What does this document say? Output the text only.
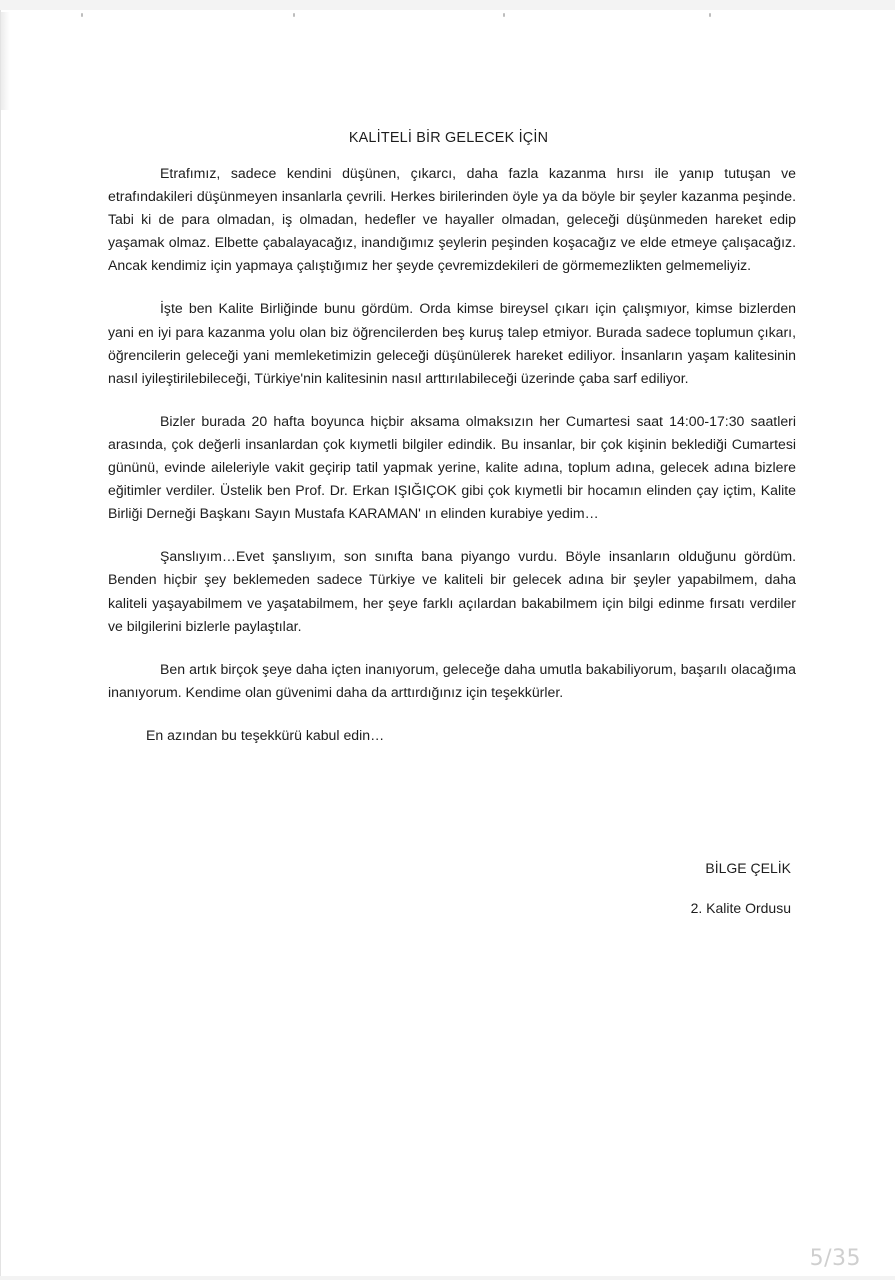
KALİTELİ BİR GELECEK İÇİN

Etrafımız, sadece kendini düşünen, çıkarcı, daha fazla kazanma hırsı ile yanıp tutuşan ve etrafındakileri düşünmeyen insanlarla çevrili. Herkes birilerinden öyle ya da böyle bir şeyler kazanma peşinde. Tabi ki de para olmadan, iş olmadan, hedefler ve hayaller olmadan, geleceği düşünmeden hareket edip yaşamak olmaz. Elbette çabalayacağız, inandığımız şeylerin peşinden koşacağız ve elde etmeye çalışacağız. Ancak kendimiz için yapmaya çalıştığımız her şeyde çevremizdekileri de görmemezlikten gelmemeliyiz.

İşte ben Kalite Birliğinde bunu gördüm. Orda kimse bireysel çıkarı için çalışmıyor, kimse bizlerden yani en iyi para kazanma yolu olan biz öğrencilerden beş kuruş talep etmiyor. Burada sadece toplumun çıkarı, öğrencilerin geleceği yani memleketimizin geleceği düşünülerek hareket ediliyor. İnsanların yaşam kalitesinin nasıl iyileştirilebileceği, Türkiye'nin kalitesinin nasıl arttırılabileceği üzerinde çaba sarf ediliyor.

Bizler burada 20 hafta boyunca hiçbir aksama olmaksızın her Cumartesi saat 14:00-17:30 saatleri arasında, çok değerli insanlardan çok kıymetli bilgiler edindik. Bu insanlar, bir çok kişinin beklediği Cumartesi gününü, evinde aileleriyle vakit geçirip tatil yapmak yerine, kalite adına, toplum adına, gelecek adına bizlere eğitimler verdiler. Üstelik ben Prof. Dr. Erkan IŞIĞIÇOK gibi çok kıymetli bir hocamın elinden çay içtim, Kalite Birliği Derneği Başkanı Sayın Mustafa KARAMAN' ın elinden kurabiye yedim…

Şanslıyım…Evet şanslıyım, son sınıfta bana piyango vurdu. Böyle insanların olduğunu gördüm. Benden hiçbir şey beklemeden sadece Türkiye ve kaliteli bir gelecek adına bir şeyler yapabilmem, daha kaliteli yaşayabilmem ve yaşatabilmem, her şeye farklı açılardan bakabilmem için bilgi edinme fırsatı verdiler ve bilgilerini bizlerle paylaştılar.

Ben artık birçok şeye daha içten inanıyorum, geleceğe daha umutla bakabiliyorum, başarılı olacağıma inanıyorum. Kendime olan güvenimi daha da arttırdığınız için teşekkürler.

En azından bu teşekkürü kabul edin…

BİLGE ÇELİK
2. Kalite Ordusu
5/35
